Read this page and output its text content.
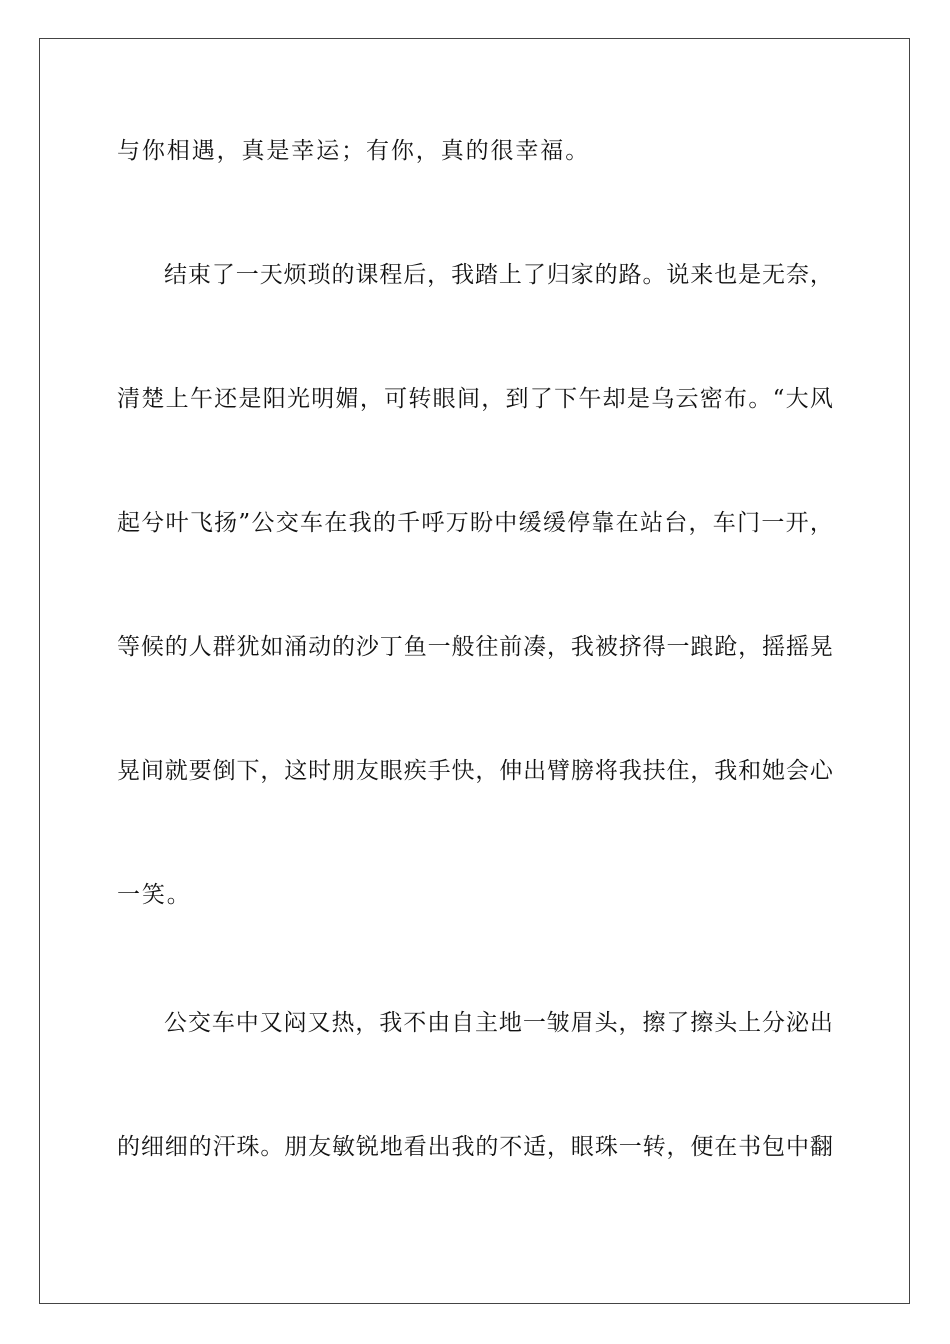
与你相遇，真是幸运；有你，真的很幸福。
结 束 了 一 天 烦 琐 的 课 程 后 ， 我 踏 上 了 归 家 的 路 。 说 来 也 是 无 奈 ，
清 楚 上 午 还 是 阳 光 明 媚 ， 可 转 眼 间 ， 到 了 下 午 却 是 乌 云 密 布 。 “ 大 风
起 兮 叶 飞 扬 ” 公 交 车 在 我 的 千 呼 万 盼 中 缓 缓 停 靠 在 站 台 ， 车 门 一 开 ，
等 候 的 人 群 犹 如 涌 动 的 沙 丁 鱼 一 般 往 前 凑 ， 我 被 挤 得 一 踉 跄 ， 摇 摇 晃
晃 间 就 要 倒 下 ， 这 时 朋 友 眼 疾 手 快 ， 伸 出 臂 膀 将 我 扶 住 ， 我 和 她 会 心
一笑。
公 交 车 中 又 闷 又 热 ， 我 不 由 自 主 地 一 皱 眉 头 ， 擦 了 擦 头 上 分 泌 出
的 细 细 的 汗 珠 。 朋 友 敏 锐 地 看 出 我 的 不 适 ， 眼 珠 一 转 ， 便 在 书 包 中 翻
